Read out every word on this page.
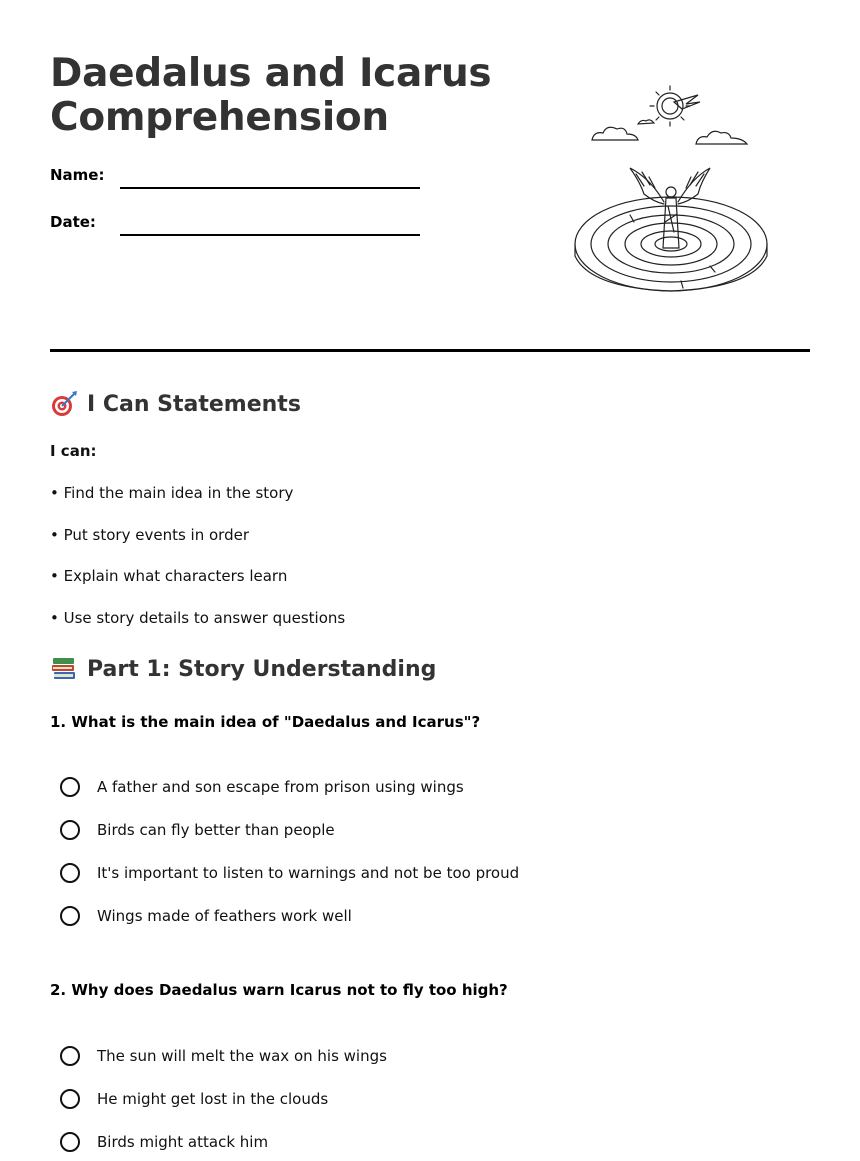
Daedalus and Icarus
Comprehension
Name:
Date:
I Can Statements
I can:
• Find the main idea in the story
• Put story events in order
• Explain what characters learn
• Use story details to answer questions
Part 1: Story Understanding
1. What is the main idea of "Daedalus and Icarus"?
A father and son escape from prison using wings
Birds can fly better than people
It's important to listen to warnings and not be too proud
Wings made of feathers work well
2. Why does Daedalus warn Icarus not to fly too high?
The sun will melt the wax on his wings
He might get lost in the clouds
Birds might attack him
